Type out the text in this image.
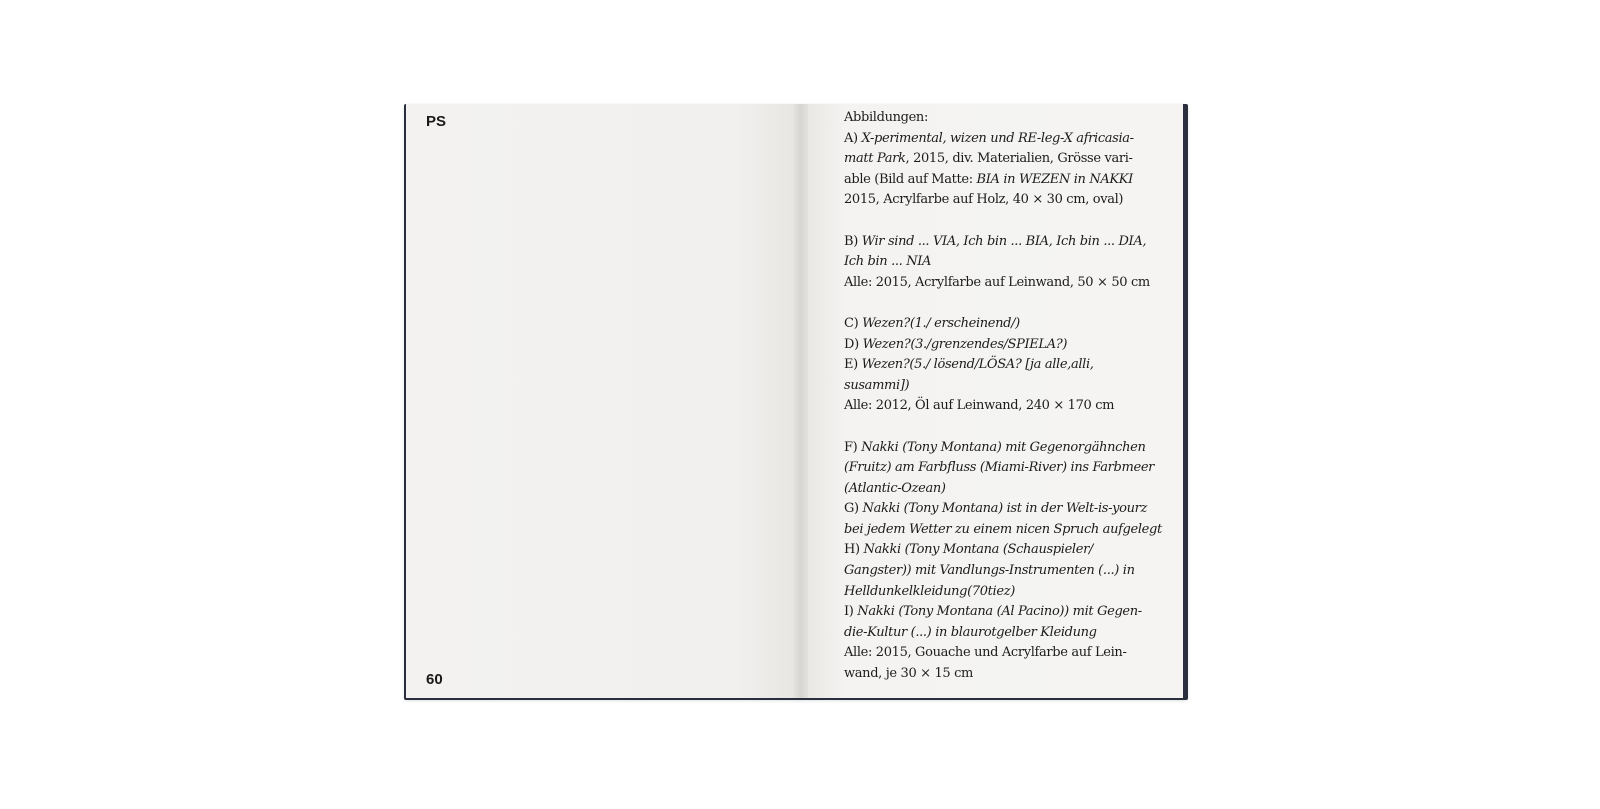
PS
60
Abbildungen:
A) X-perimental, wizen und RE-leg-X africasia-
matt Park, 2015, div. Materialien, Grösse vari-
able (Bild auf Matte: BIA in WEZEN in NAKKI
2015, Acrylfarbe auf Holz, 40 × 30 cm, oval)
B) Wir sind ... VIA, Ich bin ... BIA, Ich bin ... DIA,
Ich bin ... NIA
Alle: 2015, Acrylfarbe auf Leinwand, 50 × 50 cm
C) Wezen?(1./ erscheinend/)
D) Wezen?(3./grenzendes/SPIELA?)
E) Wezen?(5./ lösend/LÖSA? [ja alle,alli,
susammi])
Alle: 2012, Öl auf Leinwand, 240 × 170 cm
F) Nakki (Tony Montana) mit Gegenorgähnchen
(Fruitz) am Farbfluss (Miami-River) ins Farbmeer
(Atlantic-Ozean)
G) Nakki (Tony Montana) ist in der Welt-is-yourz
bei jedem Wetter zu einem nicen Spruch aufgelegt
H) Nakki (Tony Montana (Schauspieler/
Gangster)) mit Vandlungs-Instrumenten (...) in
Helldunkelkleidung(70tiez)
I) Nakki (Tony Montana (Al Pacino)) mit Gegen-
die-Kultur (...) in blaurotgelber Kleidung
Alle: 2015, Gouache und Acrylfarbe auf Lein-
wand, je 30 × 15 cm
